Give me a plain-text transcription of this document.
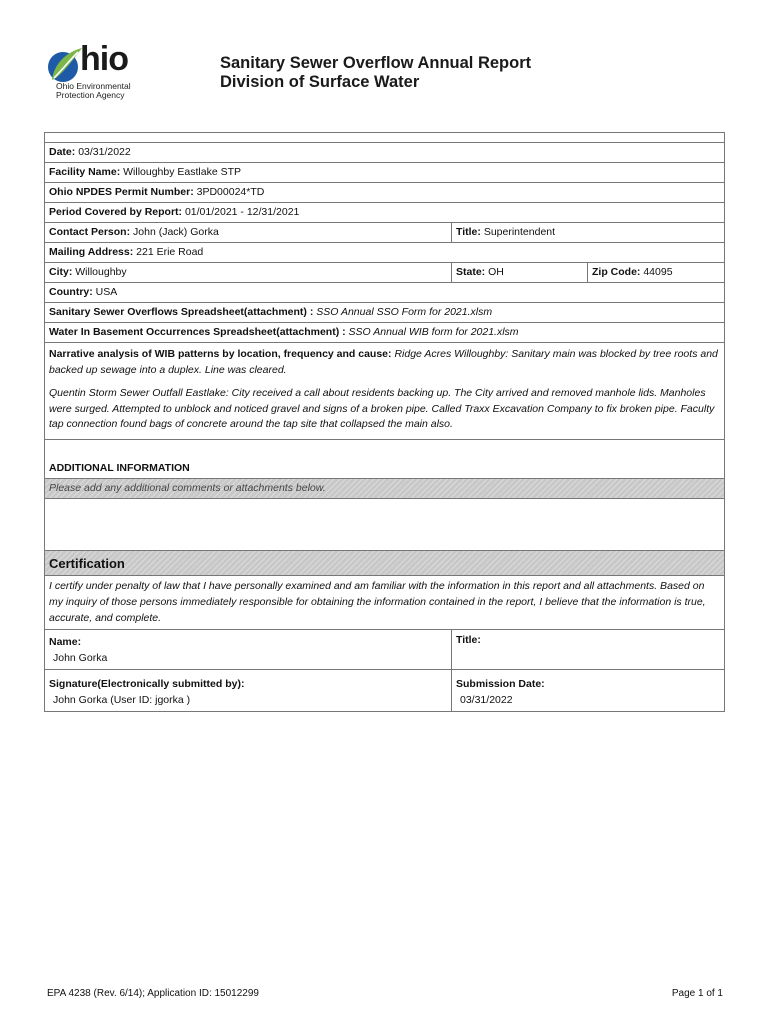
hio
Ohio Environmental
Protection Agency
Sanitary Sewer Overflow Annual Report
Division of Surface Water
Date: 03/31/2022
Facility Name: Willoughby Eastlake STP
Ohio NPDES Permit Number: 3PD00024*TD
Period Covered by Report: 01/01/2021 - 12/31/2021
Contact Person: John (Jack) Gorka	Title: Superintendent
Mailing Address: 221 Erie Road
City: Willoughby	State: OH	Zip Code: 44095
Country: USA
Sanitary Sewer Overflows Spreadsheet(attachment) : SSO Annual SSO Form for 2021.xlsm
Water In Basement Occurrences Spreadsheet(attachment) : SSO Annual WIB form for 2021.xlsm
Narrative analysis of WIB patterns by location, frequency and cause: Ridge Acres Willoughby: Sanitary main was blocked by tree roots and backed up sewage into a duplex. Line was cleared.
Quentin Storm Sewer Outfall Eastlake: City received a call about residents backing up. The City arrived and removed manhole lids. Manholes were surged. Attempted to unblock and noticed gravel and signs of a broken pipe. Called Traxx Excavation Company to fix broken pipe. Faculty tap connection found bags of concrete around the tap site that collapsed the main also.
ADDITIONAL INFORMATION
Please add any additional comments or attachments below.
Certification
I certify under penalty of law that I have personally examined and am familiar with the information in this report and all attachments. Based on my inquiry of those persons immediately responsible for obtaining the information contained in the report, I believe that the information is true, accurate, and complete.
Name:
John Gorka
Title:
Signature(Electronically submitted by):
John Gorka (User ID: jgorka )
Submission Date:
03/31/2022
EPA 4238 (Rev. 6/14); Application ID: 15012299	Page 1 of 1
